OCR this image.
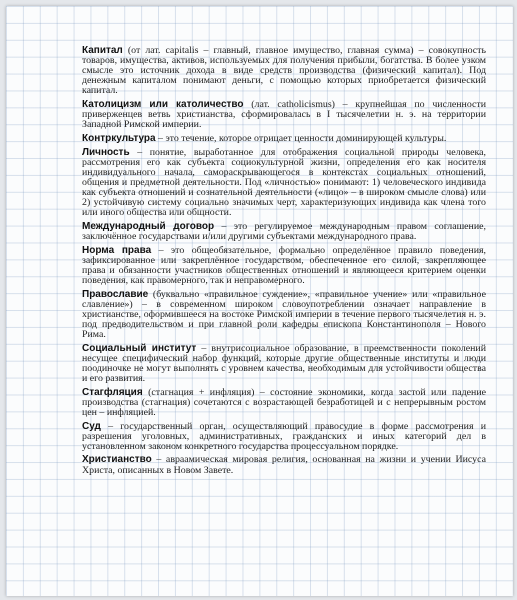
Капитал (от лат. capitalis – главный, главное имущество, главная сумма) – совокупность товаров, имущества, активов, используемых для получения прибыли, богатства. В более узком смысле это источник дохода в виде средств производства (физический капитал). Под денежным капиталом понимают деньги, с помощью которых приобретается физический капитал.

Католицизм или католичество (лат. catholicismus) – крупнейшая по численности приверженцев ветвь христианства, сформировалась в I тысячелетии н. э. на территории Западной Римской империи.

Контркультура – это течение, которое отрицает ценности доминирующей культуры.

Личность – понятие, выработанное для отображения социальной природы человека, рассмотрения его как субъекта социокультурной жизни, определения его как носителя индивидуального начала, самораскрывающегося в контекстах социальных отношений, общения и предметной деятельности. Под «личностью» понимают: 1) человеческого индивида как субъекта отношений и сознательной деятельности («лицо» – в широком смысле слова) или 2) устойчивую систему социально значимых черт, характеризующих индивида как члена того или иного общества или общности.

Международный договор – это регулируемое международным правом соглашение, заключённое государствами и/или другими субъектами международного права.

Норма права – это общеобязательное, формально определённое правило поведения, зафиксированное или закреплённое государством, обеспеченное его силой, закрепляющее права и обязанности участников общественных отношений и являющееся критерием оценки поведения, как правомерного, так и неправомерного.

Православие (буквально «правильное суждение», «правильное учение» или «правильное славление») – в современном широком словоупотреблении означает направление в христианстве, оформившееся на востоке Римской империи в течение первого тысячелетия н. э. под предводительством и при главной роли кафедры епископа Константинополя – Нового Рима.

Социальный институт – внутрисоциальное образование, в преемственности поколений несущее специфический набор функций, которые другие общественные институты и люди поодиночке не могут выполнять с уровнем качества, необходимым для устойчивости общества и его развития.

Стагфляция (стагнация + инфляция) – состояние экономики, когда застой или падение производства (стагнация) сочетаются с возрастающей безработицей и с непрерывным ростом цен – инфляцией.

Суд – государственный орган, осуществляющий правосудие в форме рассмотрения и разрешения уголовных, административных, гражданских и иных категорий дел в установленном законом конкретного государства процессуальном порядке.

Христианство – авраамическая мировая религия, основанная на жизни и учении Иисуса Христа, описанных в Новом Завете.
